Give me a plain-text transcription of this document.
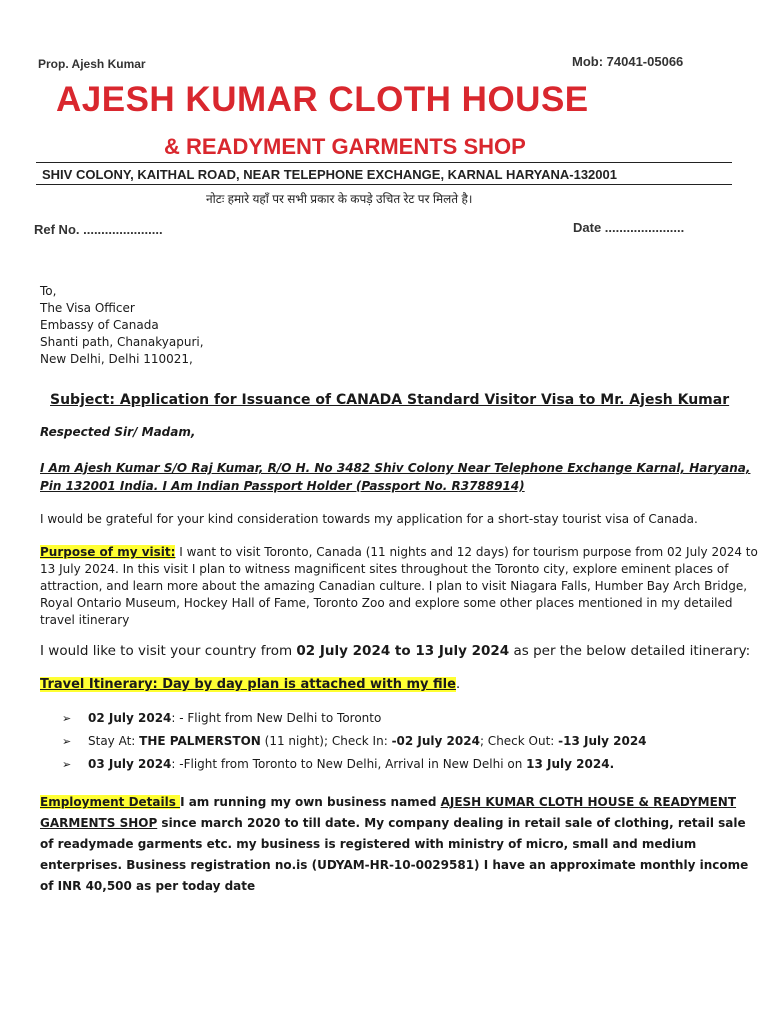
Prop. Ajesh Kumar	Mob: 74041-05066
AJESH KUMAR CLOTH HOUSE
& READYMENT GARMENTS SHOP
SHIV COLONY, KAITHAL ROAD, NEAR TELEPHONE EXCHANGE, KARNAL HARYANA-132001
नोटः हमारे यहाँ पर सभी प्रकार के कपड़े उचित रेट पर मिलते है।
Ref No. ......................	Date ......................
To,
The Visa Officer
Embassy of Canada
Shanti path, Chanakyapuri,
New Delhi, Delhi 110021,
Subject: Application for Issuance of CANADA Standard Visitor Visa to Mr. Ajesh Kumar
Respected Sir/ Madam,
I Am Ajesh Kumar S/O Raj Kumar, R/O H. No 3482 Shiv Colony Near Telephone Exchange Karnal, Haryana, Pin 132001 India. I Am Indian Passport Holder (Passport No. R3788914)
I would be grateful for your kind consideration towards my application for a short-stay tourist visa of Canada.
Purpose of my visit: I want to visit Toronto, Canada (11 nights and 12 days) for tourism purpose from 02 July 2024 to 13 July 2024. In this visit I plan to witness magnificent sites throughout the Toronto city, explore eminent places of attraction, and learn more about the amazing Canadian culture. I plan to visit Niagara Falls, Humber Bay Arch Bridge, Royal Ontario Museum, Hockey Hall of Fame, Toronto Zoo and explore some other places mentioned in my detailed travel itinerary
I would like to visit your country from 02 July 2024 to 13 July 2024 as per the below detailed itinerary:
Travel Itinerary: Day by day plan is attached with my file.
➢ 02 July 2024: - Flight from New Delhi to Toronto
➢ Stay At: THE PALMERSTON (11 night); Check In: -02 July 2024; Check Out: -13 July 2024
➢ 03 July 2024: -Flight from Toronto to New Delhi, Arrival in New Delhi on 13 July 2024.
Employment Details I am running my own business named AJESH KUMAR CLOTH HOUSE & READYMENT GARMENTS SHOP since march 2020 to till date. My company dealing in retail sale of clothing, retail sale of readymade garments etc. my business is registered with ministry of micro, small and medium enterprises. Business registration no.is (UDYAM-HR-10-0029581) I have an approximate monthly income of INR 40,500 as per today date
